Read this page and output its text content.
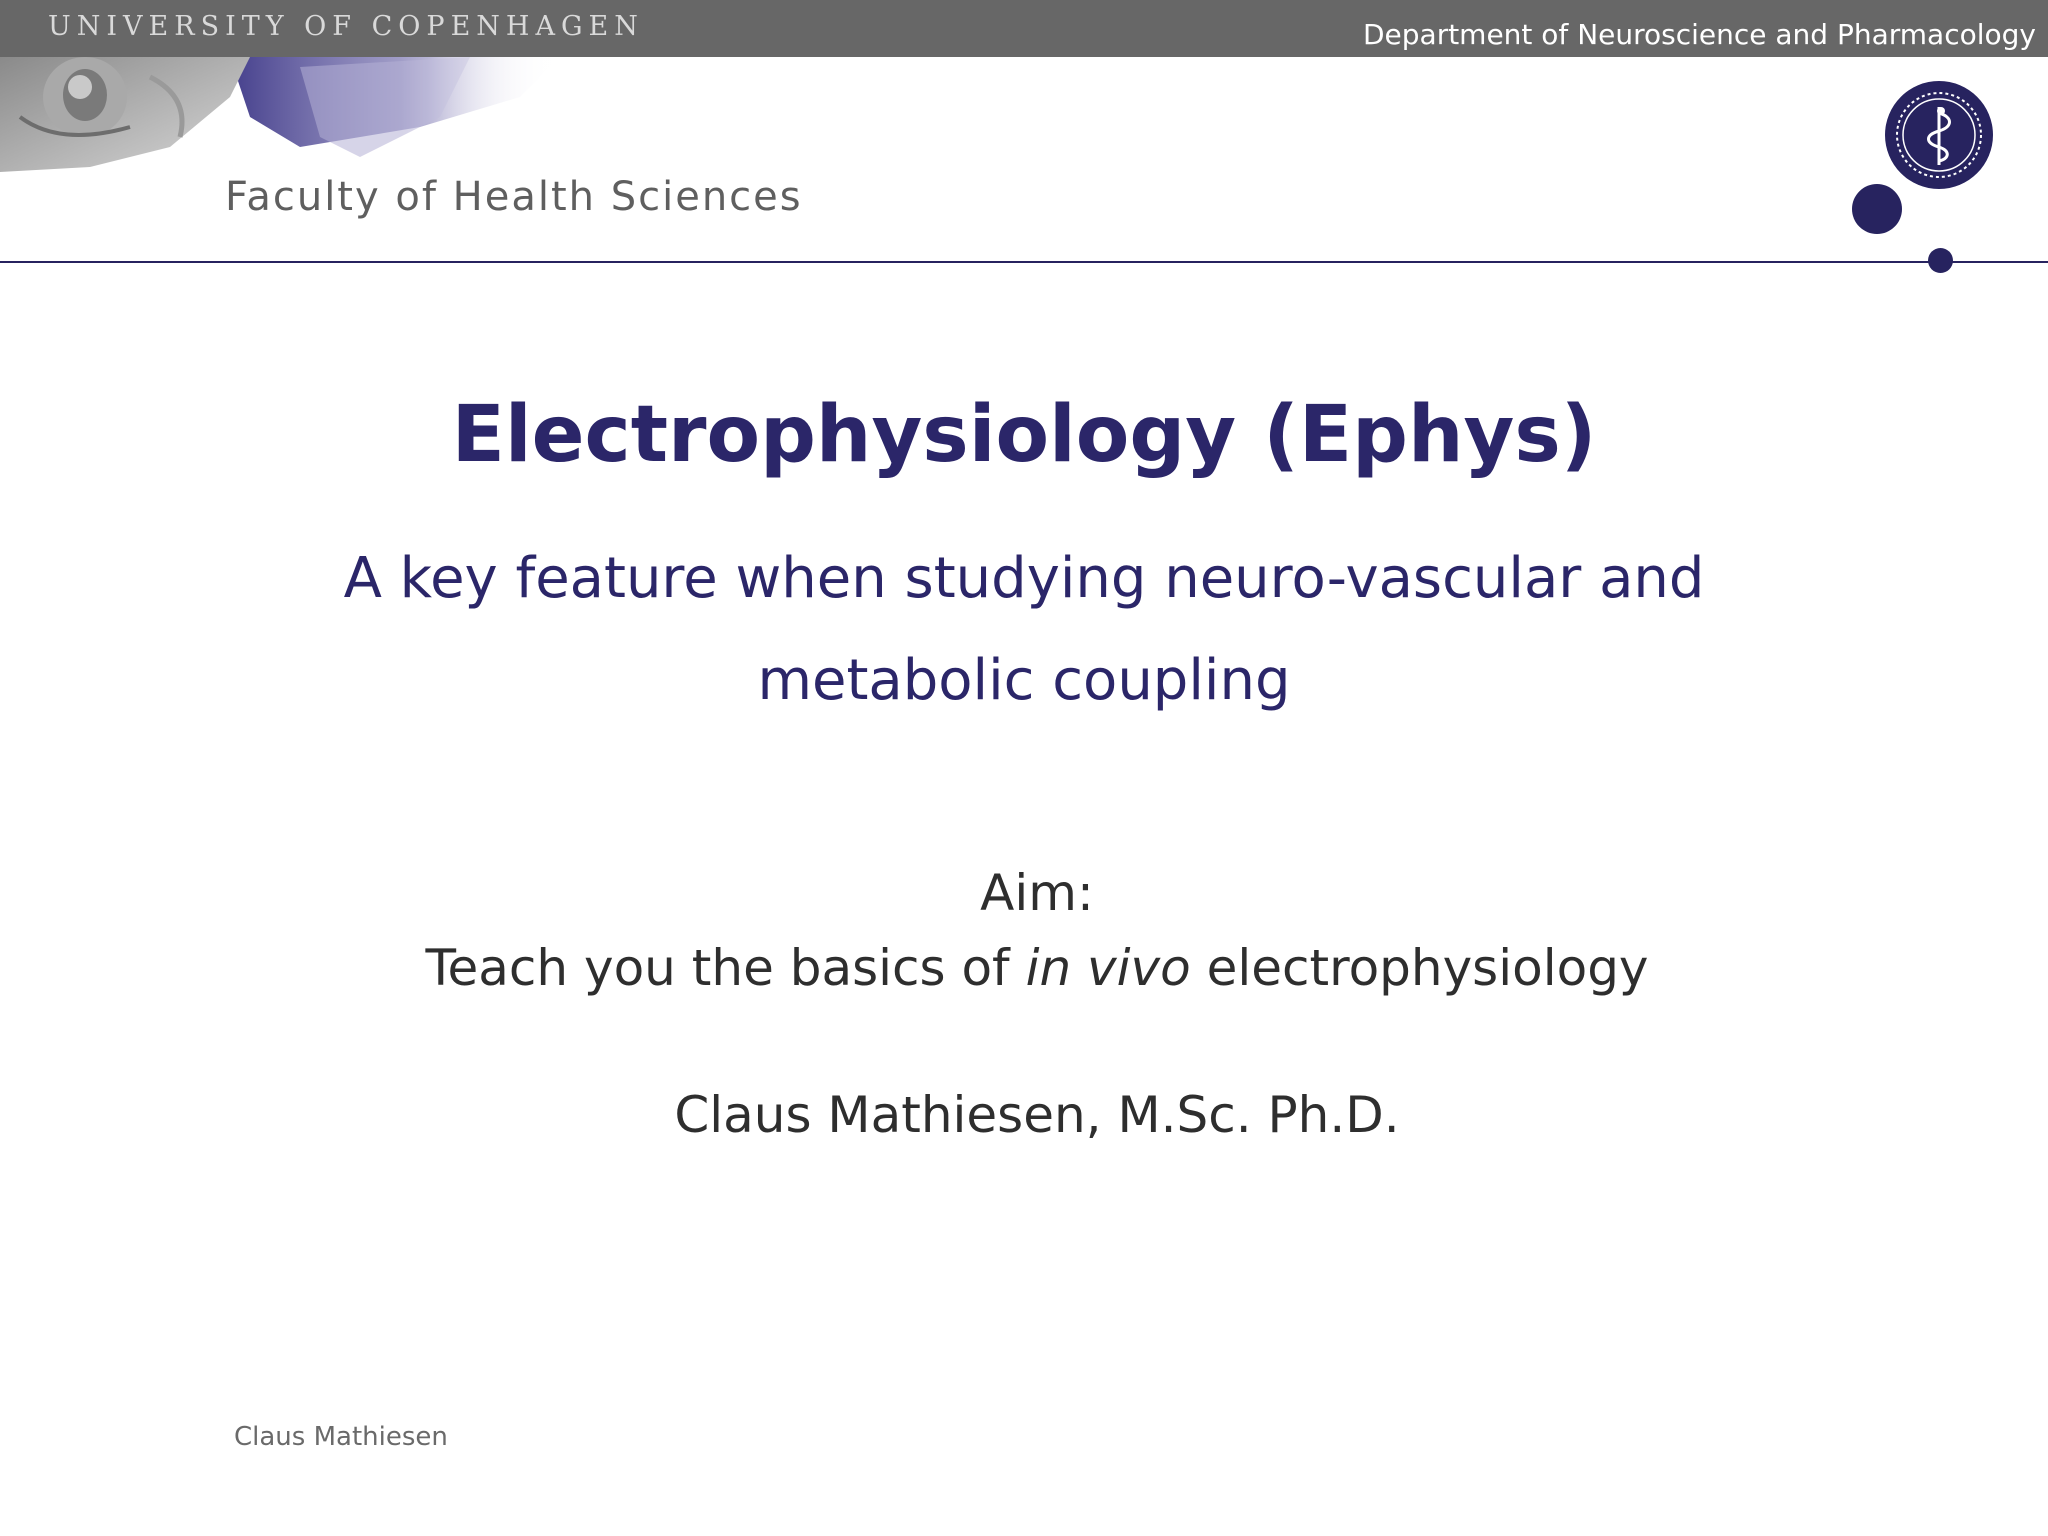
UNIVERSITY OF COPENHAGEN	Department of Neuroscience and Pharmacology
Faculty of Health Sciences
Electrophysiology (Ephys)
A key feature when studying neuro-vascular and metabolic coupling
Aim:
Teach you the basics of in vivo electrophysiology
Claus Mathiesen, M.Sc. Ph.D.
Claus Mathiesen
